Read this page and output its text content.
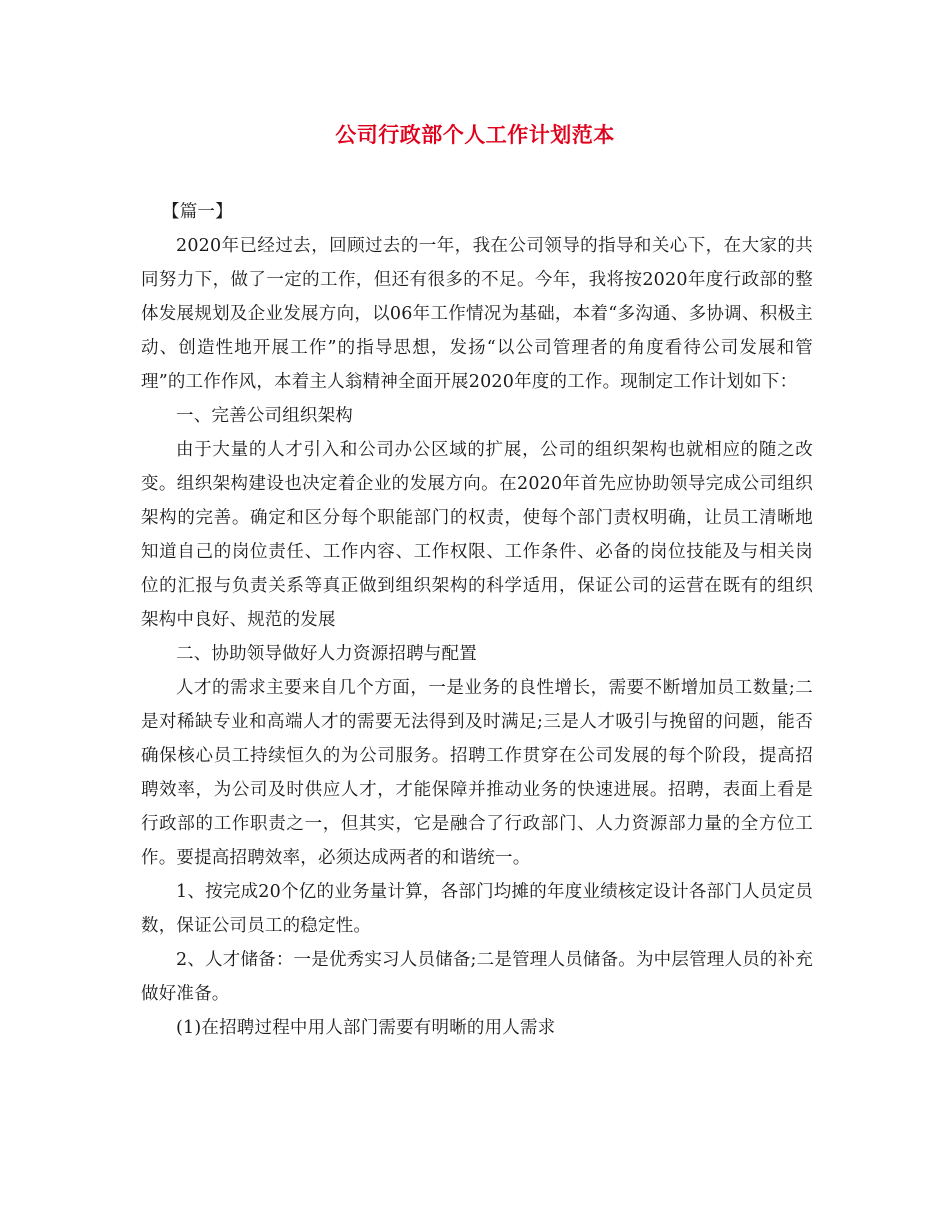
公司行政部个人工作计划范本

【篇一】

2020年已经过去，回顾过去的一年，我在公司领导的指导和关心下，在大家的共同努力下，做了一定的工作，但还有很多的不足。今年，我将按2020年度行政部的整体发展规划及企业发展方向，以06年工作情况为基础，本着“多沟通、多协调、积极主动、创造性地开展工作”的指导思想，发扬“以公司管理者的角度看待公司发展和管理”的工作作风，本着主人翁精神全面开展2020年度的工作。现制定工作计划如下：

一、完善公司组织架构

由于大量的人才引入和公司办公区域的扩展，公司的组织架构也就相应的随之改变。组织架构建设也决定着企业的发展方向。在2020年首先应协助领导完成公司组织架构的完善。确定和区分每个职能部门的权责，使每个部门责权明确，让员工清晰地知道自己的岗位责任、工作内容、工作权限、工作条件、必备的岗位技能及与相关岗位的汇报与负责关系等真正做到组织架构的科学适用，保证公司的运营在既有的组织架构中良好、规范的发展

二、协助领导做好人力资源招聘与配置

人才的需求主要来自几个方面，一是业务的良性增长，需要不断增加员工数量;二是对稀缺专业和高端人才的需要无法得到及时满足;三是人才吸引与挽留的问题，能否确保核心员工持续恒久的为公司服务。招聘工作贯穿在公司发展的每个阶段，提高招聘效率，为公司及时供应人才，才能保障并推动业务的快速进展。招聘，表面上看是行政部的工作职责之一，但其实，它是融合了行政部门、人力资源部力量的全方位工作。要提高招聘效率，必须达成两者的和谐统一。

1、按完成20个亿的业务量计算，各部门均摊的年度业绩核定设计各部门人员定员数，保证公司员工的稳定性。

2、人才储备：一是优秀实习人员储备;二是管理人员储备。为中层管理人员的补充做好准备。

(1)在招聘过程中用人部门需要有明晰的用人需求
